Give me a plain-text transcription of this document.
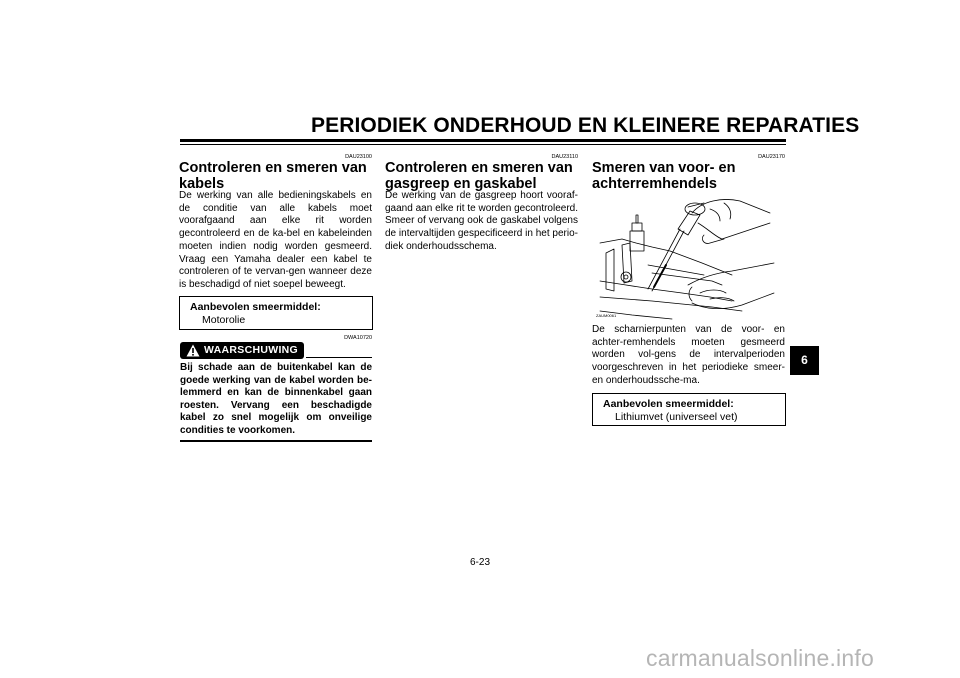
PERIODIEK ONDERHOUD EN KLEINERE REPARATIES
DAU23100
Controleren en smeren van
kabels
De werking van alle bedieningskabels en de conditie van alle kabels moet voorafgaand aan elke rit worden gecontroleerd en de ka-bel en kabeleinden moeten indien nodig worden gesmeerd. Vraag een Yamaha dealer een kabel te controleren of te vervan-gen wanneer deze is beschadigd of niet soepel beweegt.
Aanbevolen smeermiddel:
Motorolie
DWA10720
WAARSCHUWING
Bij schade aan de buitenkabel kan de goede werking van de kabel worden be-lemmerd en kan de binnenkabel gaan roesten. Vervang een beschadigde kabel zo snel mogelijk om onveilige condities te voorkomen.
DAU23110
Controleren en smeren van
gasgreep en gaskabel
De werking van de gasgreep hoort vooraf-gaand aan elke rit te worden gecontroleerd. Smeer of vervang ook de gaskabel volgens de intervaltijden gespecificeerd in het perio-diek onderhoudsschema.
DAU23170
Smeren van voor- en
achterremhendels
ZAUM0061
De scharnierpunten van de voor- en achter-remhendels moeten gesmeerd worden vol-gens de intervalperioden voorgeschreven in het periodieke smeer- en onderhoudssche-ma.
Aanbevolen smeermiddel:
Lithiumvet (universeel vet)
6
6-23
carmanualsonline.info
